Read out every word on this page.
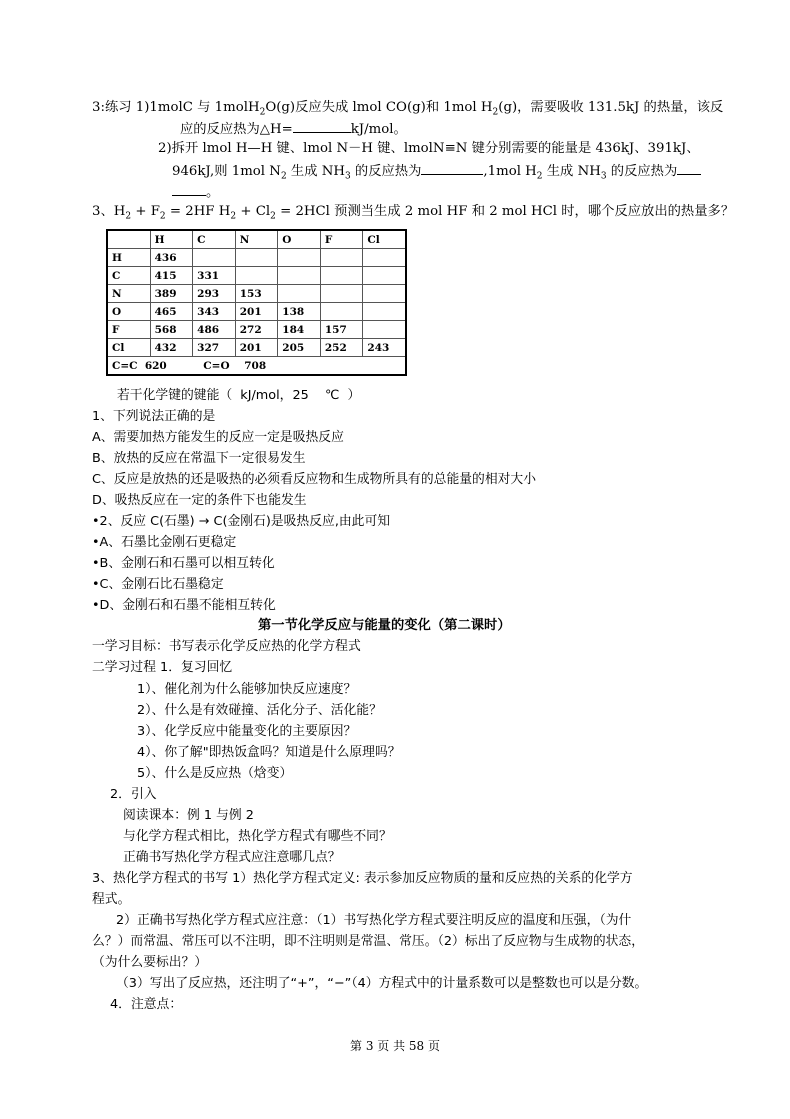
3:练习 1)1molC 与 1molH$_2$O(g)反应失成 lmol CO(g)和 1mol $H_2(g)$，需要吸收 131.5kJ 的热量，该反
应的反应热为△H=	kJ/mol。
2)拆开 lmol H—H 键、lmol N－H 键、lmolN≡N 键分别需要的能量是 436kJ、391kJ、
946kJ,则 1mol $N_2$ 生成 $NH_3$ 的反应热为	,1mol $H_2$ 生成 $NH_3$ 的反应热为
。
3、$H_2 + F_2 = 2HF$ $H_2 + Cl_2 = 2HCl$ 预测当生成 2 mol HF 和 2 mol HCl 时，哪个反应放出的热量多？
	H	C	N	O	F	Cl
H	436					
C	415	331				
N	389	293	153			
O	465	343	201	138		
F	568	486	272	184	157	
Cl	432	327	201	205	252	243
C=C  620          C=O    708						
若干化学键的键能（  kJ/mol，25    ℃  ）
1、下列说法正确的是
A、需要加热方能发生的反应一定是吸热反应
B、放热的反应在常温下一定很易发生
C、反应是放热的还是吸热的必须看反应物和生成物所具有的总能量的相对大小
D、吸热反应在一定的条件下也能发生
•2、反应 C(石墨) → C(金刚石)是吸热反应,由此可知
•A、石墨比金刚石更稳定
•B、金刚石和石墨可以相互转化
•C、金刚石比石墨稳定
•D、金刚石和石墨不能相互转化
第一节化学反应与能量的变化（第二课时）
一学习目标：书写表示化学反应热的化学方程式
二学习过程 1．复习回忆
1）、催化剂为什么能够加快反应速度？
2）、什么是有效碰撞、活化分子、活化能？
3）、化学反应中能量变化的主要原因？
4）、你了解"即热饭盒吗？知道是什么原理吗？
5）、什么是反应热（焓变）
2．引入
阅读课本：例 1 与例 2
与化学方程式相比，热化学方程式有哪些不同？
正确书写热化学方程式应注意哪几点？
3、热化学方程式的书写 1）热化学方程式定义: 表示参加反应物质的量和反应热的关系的化学方
程式。
2）正确书写热化学方程式应注意：（1）书写热化学方程式要注明反应的温度和压强，（为什
么？）而常温、常压可以不注明，即不注明则是常温、常压。（2）标出了反应物与生成物的状态，
（为什么要标出？）
（3）写出了反应热，还注明了“+”，“−”（4）方程式中的计量系数可以是整数也可以是分数。
4．注意点：
第 3 页 共 58 页
